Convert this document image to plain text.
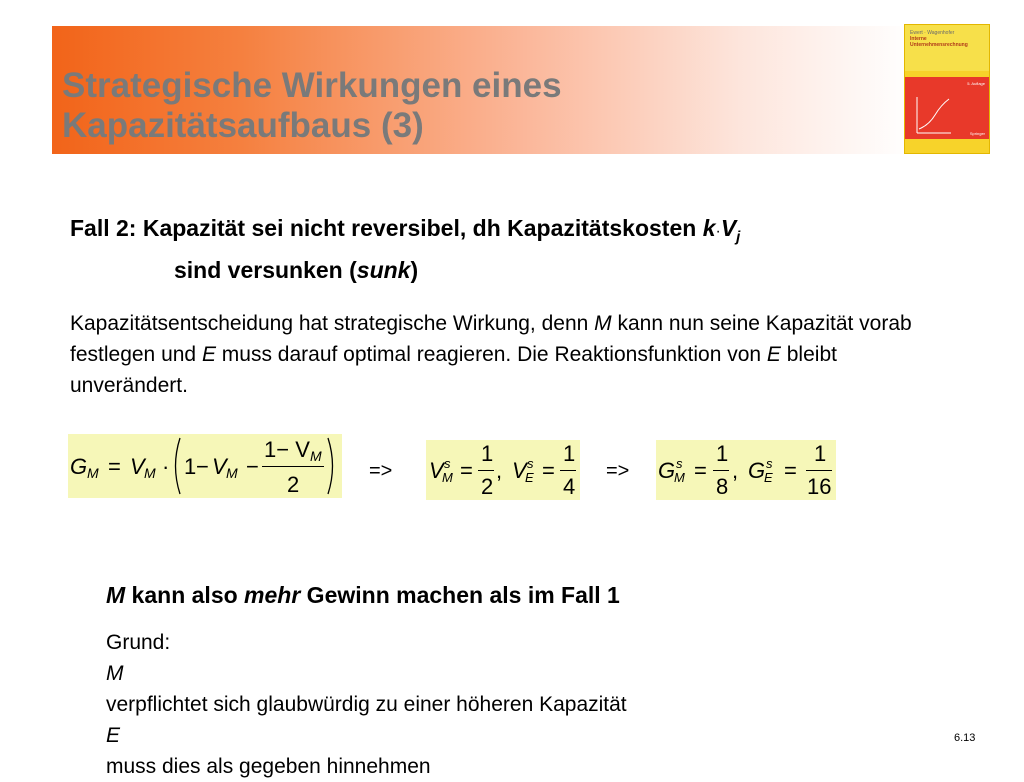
Strategische Wirkungen eines
Kapazitätsaufbaus (3)
Ewert · Wagenhofer
Interne
Unternehmensrechnung
5. Auflage
Springer
Fall 2: Kapazität sei nicht reversibel, dh Kapazitätskosten $k\cdot V_j$
sind versunken (sunk)
Kapazitätsentscheidung hat strategische Wirkung, denn M kann nun seine Kapazität vorab festlegen und E muss darauf optimal reagieren. Die Reaktionsfunktion von E bleibt unverändert.
G M = V M · 1 − V M −
1− V M
2
=> V s
M =
1
2
, V s
E =
1
4
=> G s
M =
1
8
, G s
E =
1
16
M kann also mehr Gewinn machen als im Fall 1
Grund:
M
verpflichtet sich glaubwürdig zu einer höheren Kapazität
E
muss dies als gegeben hinnehmen
6.13
